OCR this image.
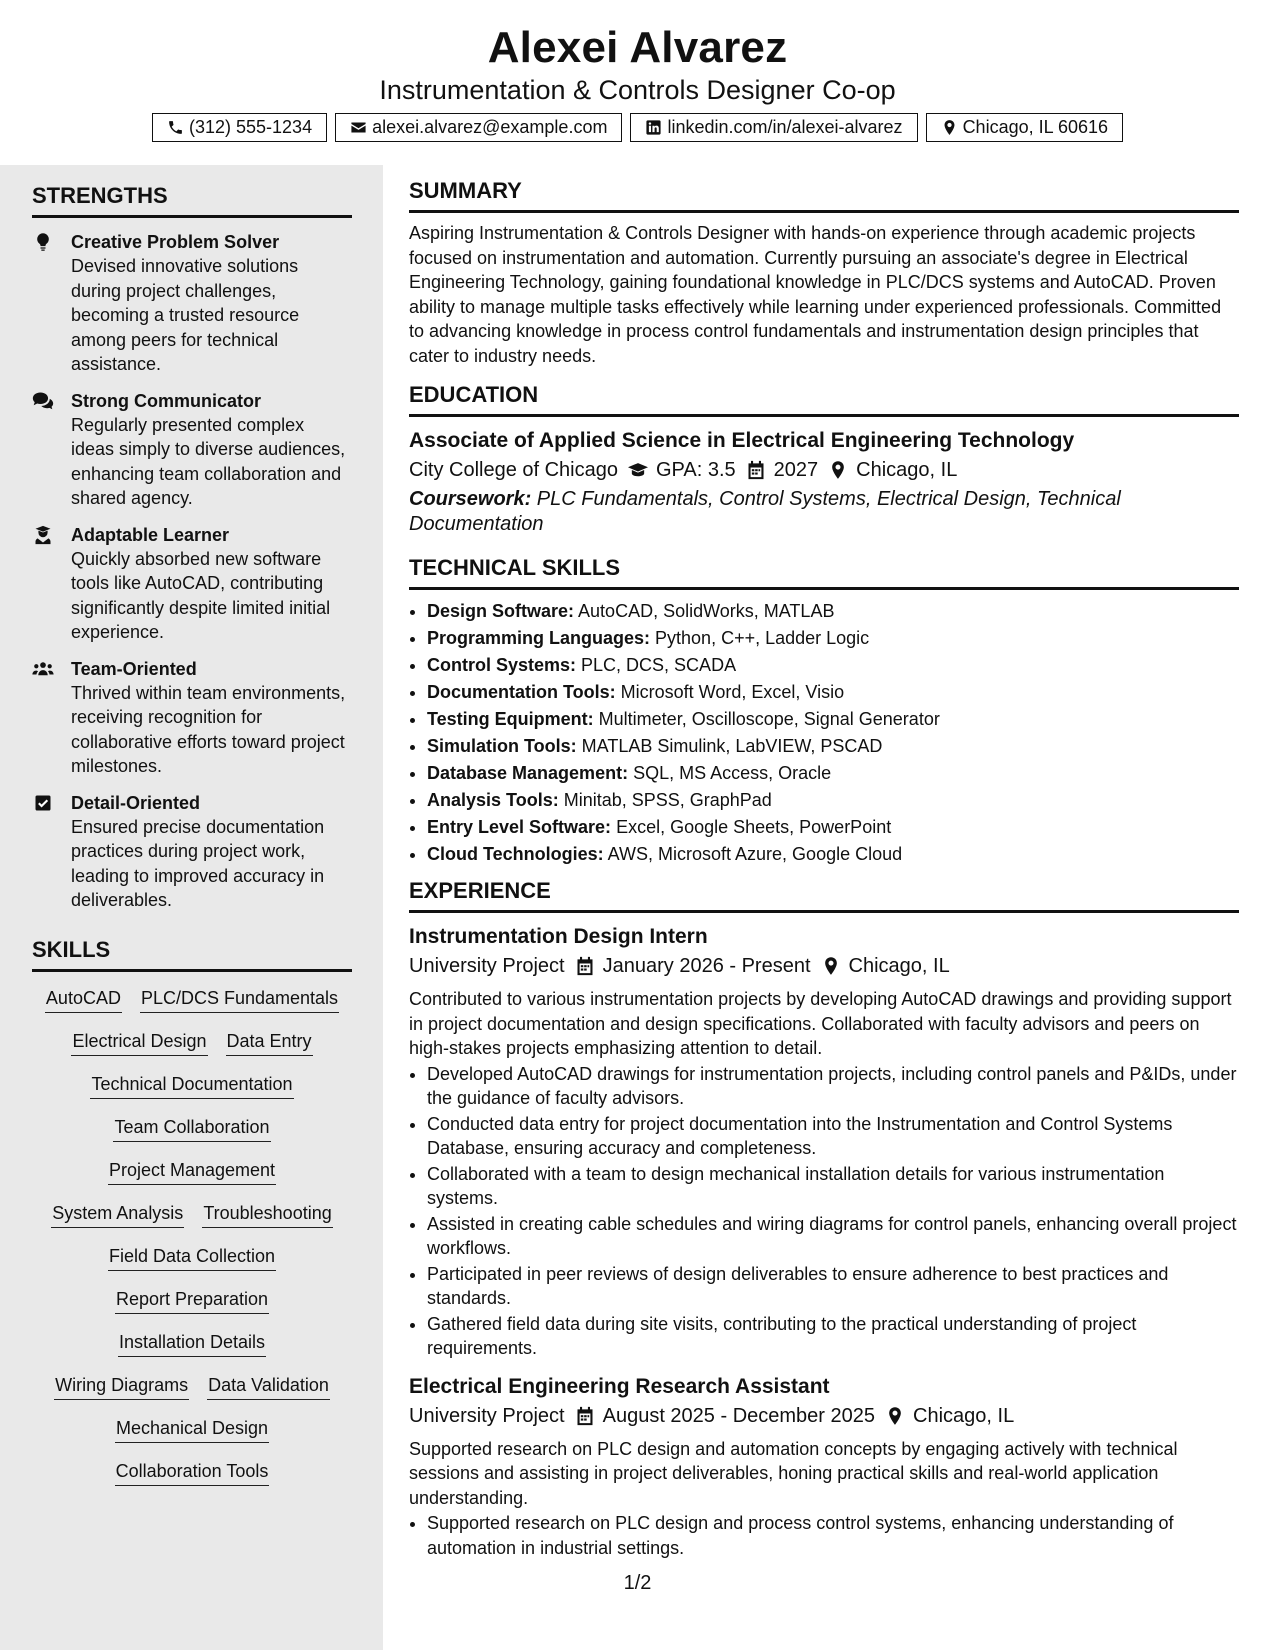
Alexei Alvarez
Instrumentation & Controls Designer Co-op
(312) 555-1234	alexei.alvarez@example.com	linkedin.com/in/alexei-alvarez	Chicago, IL 60616
STRENGTHS
Creative Problem Solver
Devised innovative solutions during project challenges, becoming a trusted resource among peers for technical assistance.
Strong Communicator
Regularly presented complex ideas simply to diverse audiences, enhancing team collaboration and shared agency.
Adaptable Learner
Quickly absorbed new software tools like AutoCAD, contributing significantly despite limited initial experience.
Team-Oriented
Thrived within team environments, receiving recognition for collaborative efforts toward project milestones.
Detail-Oriented
Ensured precise documentation practices during project work, leading to improved accuracy in deliverables.
SKILLS
AutoCAD PLC/DCS Fundamentals
Electrical Design Data Entry
Technical Documentation
Team Collaboration
Project Management
System Analysis Troubleshooting
Field Data Collection
Report Preparation
Installation Details
Wiring Diagrams Data Validation
Mechanical Design
Collaboration Tools
SUMMARY
Aspiring Instrumentation & Controls Designer with hands-on experience through academic projects focused on instrumentation and automation. Currently pursuing an associate's degree in Electrical Engineering Technology, gaining foundational knowledge in PLC/DCS systems and AutoCAD. Proven ability to manage multiple tasks effectively while learning under experienced professionals. Committed to advancing knowledge in process control fundamentals and instrumentation design principles that cater to industry needs.
EDUCATION
Associate of Applied Science in Electrical Engineering Technology
City College of Chicago GPA: 3.5 2027 Chicago, IL
Coursework: PLC Fundamentals, Control Systems, Electrical Design, Technical Documentation
TECHNICAL SKILLS
• Design Software: AutoCAD, SolidWorks, MATLAB
• Programming Languages: Python, C++, Ladder Logic
• Control Systems: PLC, DCS, SCADA
• Documentation Tools: Microsoft Word, Excel, Visio
• Testing Equipment: Multimeter, Oscilloscope, Signal Generator
• Simulation Tools: MATLAB Simulink, LabVIEW, PSCAD
• Database Management: SQL, MS Access, Oracle
• Analysis Tools: Minitab, SPSS, GraphPad
• Entry Level Software: Excel, Google Sheets, PowerPoint
• Cloud Technologies: AWS, Microsoft Azure, Google Cloud
EXPERIENCE
Instrumentation Design Intern
University Project January 2026 - Present Chicago, IL
Contributed to various instrumentation projects by developing AutoCAD drawings and providing support in project documentation and design specifications. Collaborated with faculty advisors and peers on high-stakes projects emphasizing attention to detail.
• Developed AutoCAD drawings for instrumentation projects, including control panels and P&IDs, under the guidance of faculty advisors.
• Conducted data entry for project documentation into the Instrumentation and Control Systems Database, ensuring accuracy and completeness.
• Collaborated with a team to design mechanical installation details for various instrumentation systems.
• Assisted in creating cable schedules and wiring diagrams for control panels, enhancing overall project workflows.
• Participated in peer reviews of design deliverables to ensure adherence to best practices and standards.
• Gathered field data during site visits, contributing to the practical understanding of project requirements.
Electrical Engineering Research Assistant
University Project August 2025 - December 2025 Chicago, IL
Supported research on PLC design and automation concepts by engaging actively with technical sessions and assisting in project deliverables, honing practical skills and real-world application understanding.
• Supported research on PLC design and process control systems, enhancing understanding of automation in industrial settings.
1/2
